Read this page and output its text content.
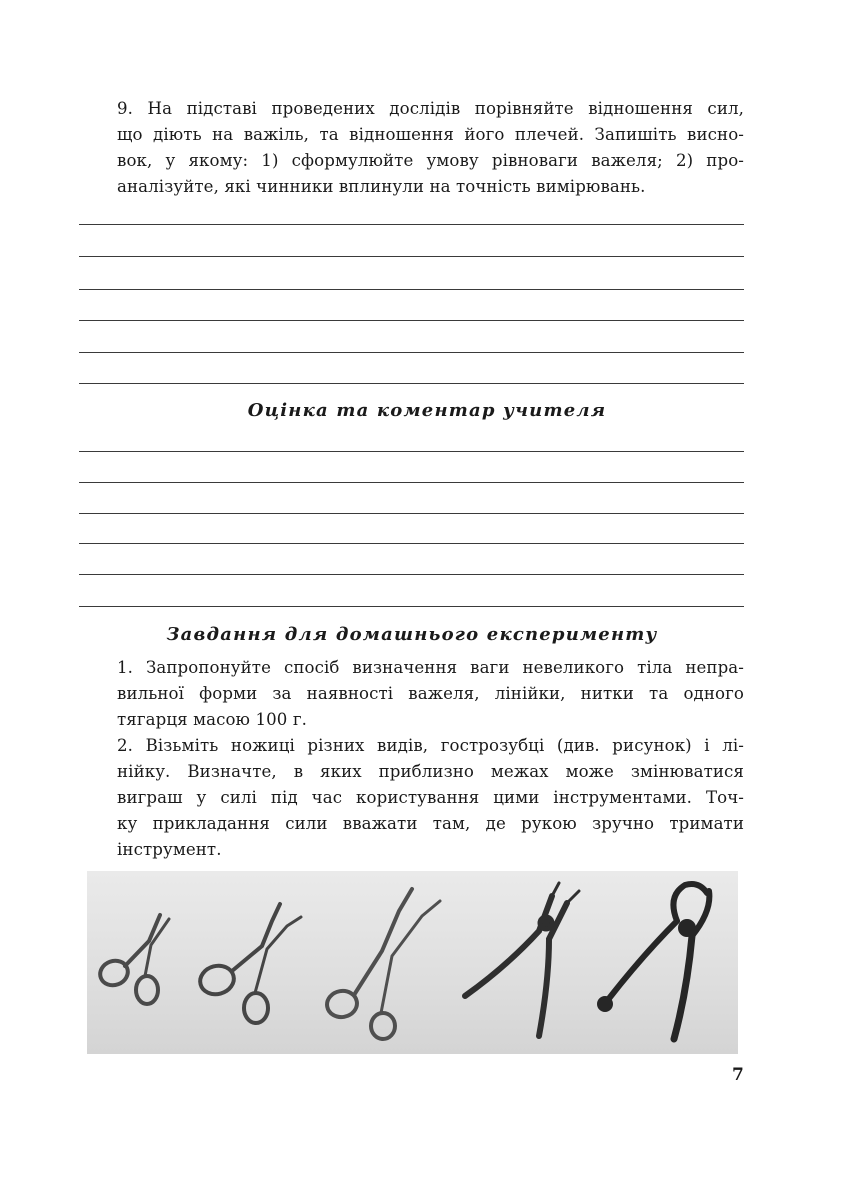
9. На підставі проведених дослідів порівняйте відношення сил,
що діють на важіль, та відношення його плечей. Запишіть висно-
вок, у якому: 1) сформулюйте умову рівноваги важеля; 2) про-
аналізуйте, які чинники вплинули на точність вимірювань.
Оцінка та коментар учителя
Завдання для домашнього експерименту
1. Запропонуйте спосіб визначення ваги невеликого тіла непра-
вильної форми за наявності важеля, лінійки, нитки та одного
тягарця масою 100 г.
2. Візьміть ножиці різних видів, гострозубці (див. рисунок) і лі-
нійку. Визначте, в яких приблизно межах може змінюватися
виграш у силі під час користування цими інструментами. Точ-
ку прикладання сили вважати там, де рукою зручно тримати
інструмент.
7
